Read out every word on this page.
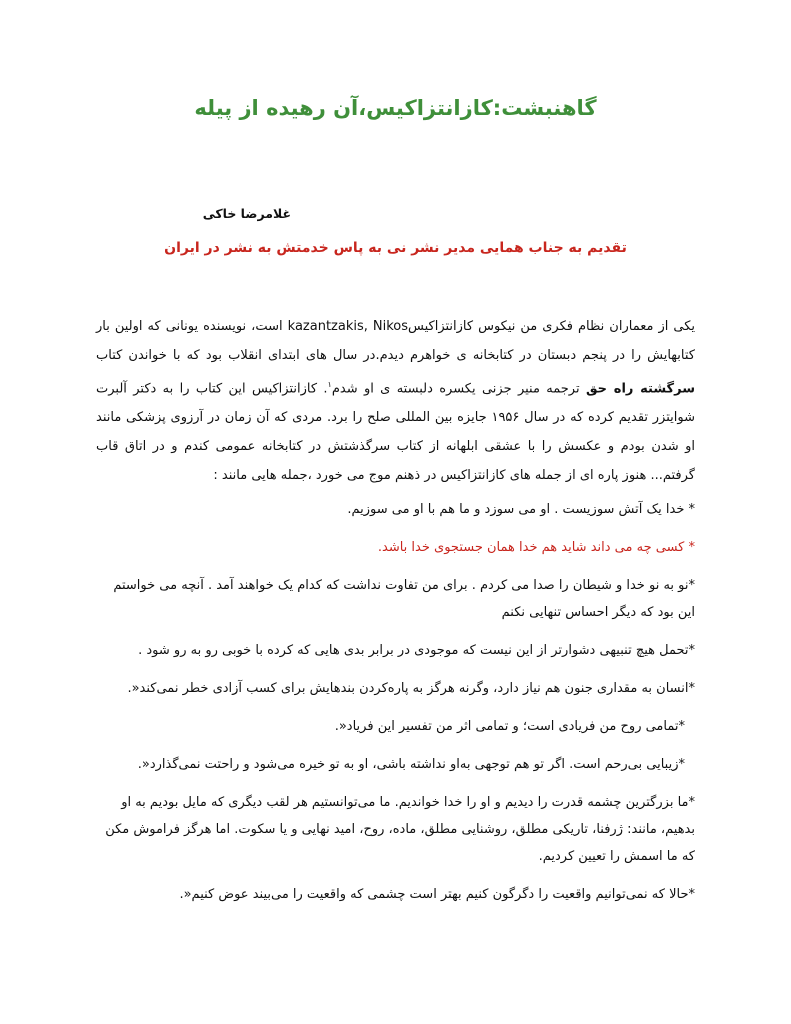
گاهنبشت:کازانتزاکیس،آن رهیده از پیله
غلامرضا خاکی
تقدیم به جناب همایی مدیر نشر نی به پاس خدمتش به نشر در ایران

یکی از معماران نظام فکری من نیکوس کازانتزاکیسkazantzakis, Nikos است، نویسنده یونانی که اولین بار کتابهایش را در پنجم دبستان در کتابخانه ی خواهرم دیدم.در سال های ابتدای انقلاب بود که با خواندن کتاب سرگشته راه حق ترجمه منیر جزنی یکسره دلبسته ی او شدم$^۱$. کازانتزاکیس این کتاب را به دکتر آلبرت شوایتزر تقدیم کرده که در سال ۱۹۵۶ جایزه بین المللی صلح را برد. مردی که آن زمان در آرزوی پزشکی مانند او شدن بودم و عکسش را با عشقی ابلهانه از کتاب سرگذشتش در کتابخانه عمومی کندم و در اتاق قاب گرفتم... هنوز پاره ای از جمله های کازانتزاکیس در ذهنم موج می خورد ،جمله هایی مانند :

* خدا یک آتش سوزیست . او می سوزد و ما هم با او می سوزیم.

* کسی چه می داند شاید هم خدا همان جستجوی خدا باشد.

*نو به نو خدا و شیطان را صدا می کردم . برای من تفاوت نداشت که کدام یک خواهند آمد . آنچه می خواستم این بود که دیگر احساس تنهایی نکنم

*تحمل هیچ تنبیهی دشوارتر از این نیست که موجودی در برابر بدی هایی که کرده با خوبی رو به رو شود .

*انسان به مقداری جنون هم نیاز دارد، وگرنه هرگز به پاره‌کردن بندهایش برای کسب آزادی خطر نمی‌کند«.

*تمامی روح من فریادی است؛ و تمامی اثر من تفسیر این فریاد«.

*زیبایی بی‌رحم است. اگر تو هم توجهی به‌او نداشته باشی، او به تو خیره می‌شود و راحتت نمی‌گذارد«.

*ما بزرگترین چشمه قدرت را دیدیم و او را خدا خواندیم. ما می‌توانستیم هر لقب دیگری که مایل بودیم به او بدهیم، مانند: ژرفنا، تاریکی مطلق، روشنایی مطلق، ماده، روح، امید نهایی و یا سکوت. اما هرگز فراموش مکن که ما اسمش را تعیین کردیم.

*حالا که نمی‌توانیم واقعیت را دگرگون کنیم بهتر است چشمی که واقعیت را می‌بیند عوض کنیم«.
